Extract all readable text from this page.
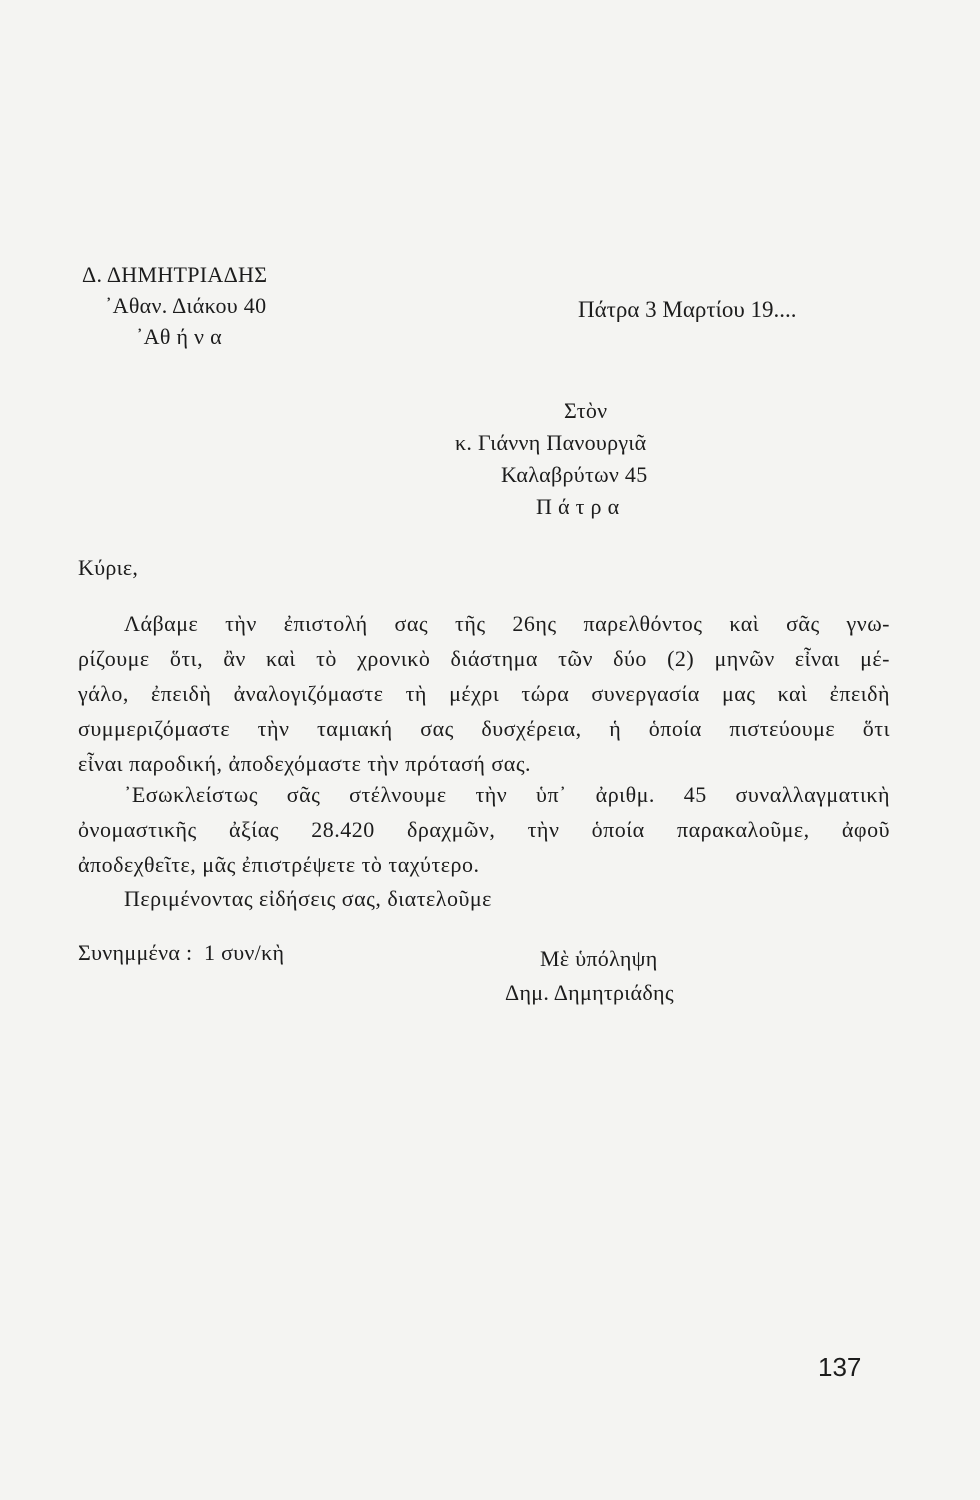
Δ. ΔΗΜΗΤΡΙΑΔΗΣ
᾿Αθαν. Διάκου 40
᾿Αθ ή ν α
Πάτρα 3 Μαρτίου 19....
Στὸν
κ. Γιάννη Πανουργιᾶ
Καλαβρύτων 45
Π ά τ ρ α
Κύριε,
Λάβαμε τὴν ἐπιστολή σας τῆς 26ης παρελθόντος καὶ σᾶς γνω-
ρίζουμε ὅτι, ἂν καὶ τὸ χρονικὸ διάστημα τῶν δύο (2) μηνῶν εἶναι μέ-
γάλο, ἐπειδὴ ἀναλογιζόμαστε τὴ μέχρι τώρα συνεργασία μας καὶ ἐπειδὴ
συμμεριζόμαστε τὴν ταμιακή σας δυσχέρεια, ἡ ὁποία πιστεύουμε ὅτι
εἶναι παροδική, ἀποδεχόμαστε τὴν πρότασή σας.
᾿Εσωκλείστως σᾶς στέλνουμε τὴν ὑπ᾿ ἀριθμ. 45 συναλλαγματικὴ
ὀνομαστικῆς ἀξίας 28.420 δραχμῶν, τὴν ὁποία παρακαλοῦμε, ἀφοῦ
ἀποδεχθεῖτε, μᾶς ἐπιστρέψετε τὸ ταχύτερο.
Περιμένοντας εἰδήσεις σας, διατελοῦμε
Συνημμένα :  1 συν/κὴ	Μὲ ὑπόληψη
Δημ. Δημητριάδης
137
